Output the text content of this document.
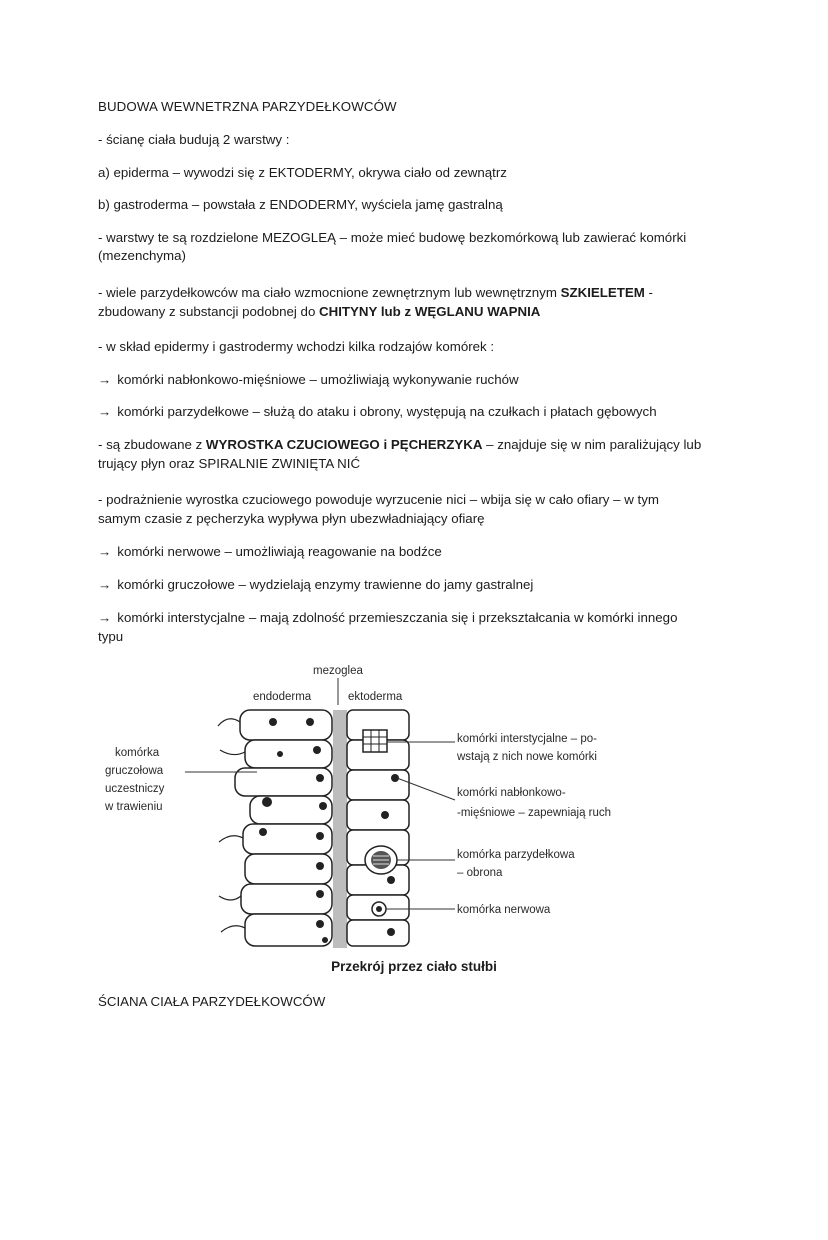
BUDOWA WEWNETRZNA PARZYDEŁKOWCÓW
- ścianę ciała budują 2 warstwy :
a) epiderma – wywodzi się z EKTODERMY, okrywa ciało od zewnątrz
b) gastroderma – powstała z ENDODERMY, wyściela jamę gastralną
- warstwy te są rozdzielone MEZOGLEĄ – może mieć budowę bezkomórkową lub zawierać komórki
(mezenchyma)
- wiele parzydełkowców ma ciało wzmocnione zewnętrznym lub wewnętrznym SZKIELETEM -
zbudowany z substancji podobnej do CHITYNY lub z WĘGLANU WAPNIA
- w skład epidermy i gastrodermy wchodzi kilka rodzajów komórek :
→ komórki nabłonkowo-mięśniowe – umożliwiają wykonywanie ruchów
→ komórki parzydełkowe – służą do ataku i obrony, występują na czułkach i płatach gębowych
- są zbudowane z WYROSTKA CZUCIOWEGO i PĘCHERZYKA – znajduje się w nim paraliżujący lub
trujący płyn oraz SPIRALNIE ZWINIĘTA NIĆ
- podrażnienie wyrostka czuciowego powoduje wyrzucenie nici – wbija się w cało ofiary – w tym
samym czasie z pęcherzyka wypływa płyn ubezwładniający ofiarę
→ komórki nerwowe – umożliwiają reagowanie na bodźce
→ komórki gruczołowe – wydzielają enzymy trawienne do jamy gastralnej
→ komórki interstycjalne – mają zdolność przemieszczania się i przekształcania w komórki innego
typu
mezoglea
endoderma	ektoderma
komórka
gruczołowa
uczestniczy
w trawieniu
komórki interstycjalne – po-
wstają z nich nowe komórki
komórki nabłonkowo-
-mięśniowe – zapewniają ruch
komórka parzydełkowa
– obrona
komórka nerwowa
Przekrój przez ciało stułbi
ŚCIANA CIAŁA PARZYDEŁKOWCÓW
